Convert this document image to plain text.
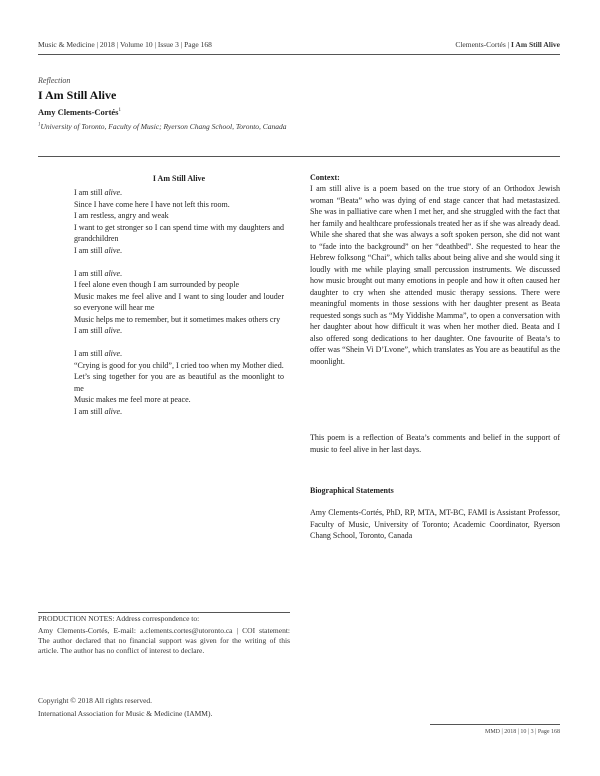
Music & Medicine | 2018 | Volume 10 | Issue 3 | Page 168	Clements-Cortés | I Am Still Alive
Reflection
I Am Still Alive
Amy Clements-Cortés$^1$
$^1$University of Toronto, Faculty of Music; Ryerson Chang School, Toronto, Canada
I Am Still Alive
I am still alive.
Since I have come here I have not left this room.
I am restless, angry and weak
I want to get stronger so I can spend time with my daughters and grandchildren
I am still alive.
I am still alive.
I feel alone even though I am surrounded by people
Music makes me feel alive and I want to sing louder and louder so everyone will hear me
Music helps me to remember, but it sometimes makes others cry
I am still alive.
I am still alive.
“Crying is good for you child”, I cried too when my Mother died.
Let’s sing together for you are as beautiful as the moonlight to me
Music makes me feel more at peace.
I am still alive.
Context:
I am still alive is a poem based on the true story of an Orthodox Jewish woman “Beata” who was dying of end stage cancer that had metastasized. She was in palliative care when I met her, and she struggled with the fact that her family and healthcare professionals treated her as if she was already dead. While she shared that she was always a soft spoken person, she did not want to “fade into the background” on her “deathbed”. She requested to hear the Hebrew folksong “Chai”, which talks about being alive and she would sing it loudly with me while playing small percussion instruments. We discussed how music brought out many emotions in people and how it often caused her daughter to cry when she attended music therapy sessions. There were meaningful moments in those sessions with her daughter present as Beata requested songs such as “My Yiddishe Mamma”, to open a conversation with her daughter about how difficult it was when her mother died. Beata and I also offered song dedications to her daughter. One favourite of Beata’s to offer was “Shein Vi D’Lvone”, which translates as You are as beautiful as the moonlight.
This poem is a reflection of Beata’s comments and belief in the support of music to feel alive in her last days.
Biographical Statements
Amy Clements-Cortés, PhD, RP, MTA, MT-BC, FAMI is Assistant Professor, Faculty of Music, University of Toronto; Academic Coordinator, Ryerson Chang School, Toronto, Canada

PRODUCTION NOTES: Address correspondence to:

Amy Clements-Cortés, E-mail: a.clements.cortes@utoronto.ca | COI statement: The author declared that no financial support was given for the writing of this article. The author has no conflict of interest to declare.

Copyright © 2018 All rights reserved.
International Association for Music & Medicine (IAMM).
MMD | 2018 | 10 | 3 | Page 168
